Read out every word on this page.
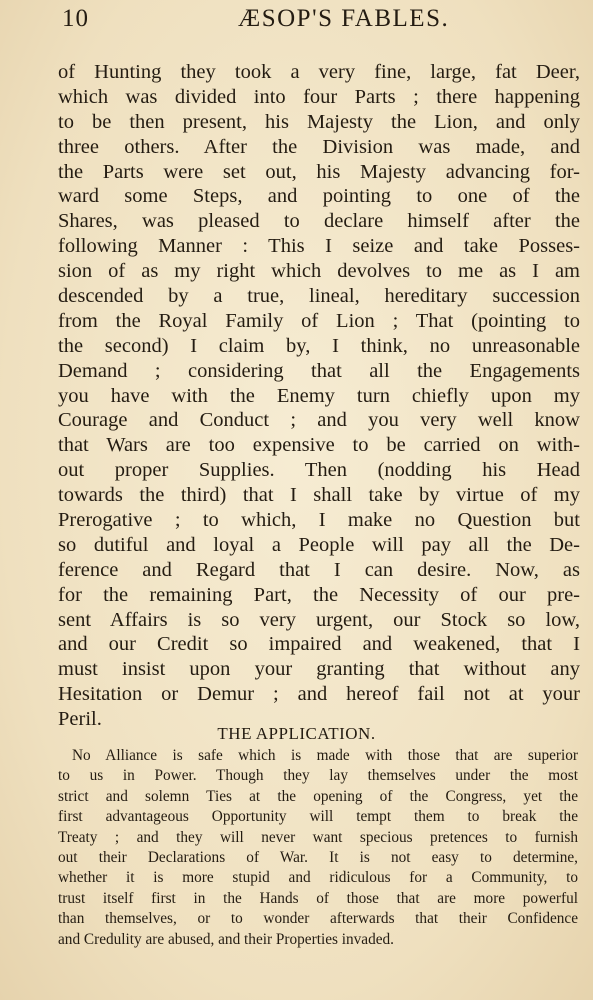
10	ÆSOP'S FABLES.
of Hunting they took a very fine, large, fat Deer,
which was divided into four Parts ; there happening
to be then present, his Majesty the Lion, and only
three others. After the Division was made, and
the Parts were set out, his Majesty advancing for-
ward some Steps, and pointing to one of the
Shares, was pleased to declare himself after the
following Manner : This I seize and take Posses-
sion of as my right which devolves to me as I am
descended by a true, lineal, hereditary succession
from the Royal Family of Lion ; That (pointing to
the second) I claim by, I think, no unreasonable
Demand ; considering that all the Engagements
you have with the Enemy turn chiefly upon my
Courage and Conduct ; and you very well know
that Wars are too expensive to be carried on with-
out proper Supplies. Then (nodding his Head
towards the third) that I shall take by virtue of my
Prerogative ; to which, I make no Question but
so dutiful and loyal a People will pay all the De-
ference and Regard that I can desire. Now, as
for the remaining Part, the Necessity of our pre-
sent Affairs is so very urgent, our Stock so low,
and our Credit so impaired and weakened, that I
must insist upon your granting that without any
Hesitation or Demur ; and hereof fail not at your
Peril.
THE APPLICATION.
No Alliance is safe which is made with those that are superior
to us in Power. Though they lay themselves under the most
strict and solemn Ties at the opening of the Congress, yet the
first advantageous Opportunity will tempt them to break the
Treaty ; and they will never want specious pretences to furnish
out their Declarations of War. It is not easy to determine,
whether it is more stupid and ridiculous for a Community, to
trust itself first in the Hands of those that are more powerful
than themselves, or to wonder afterwards that their Confidence
and Credulity are abused, and their Properties invaded.
